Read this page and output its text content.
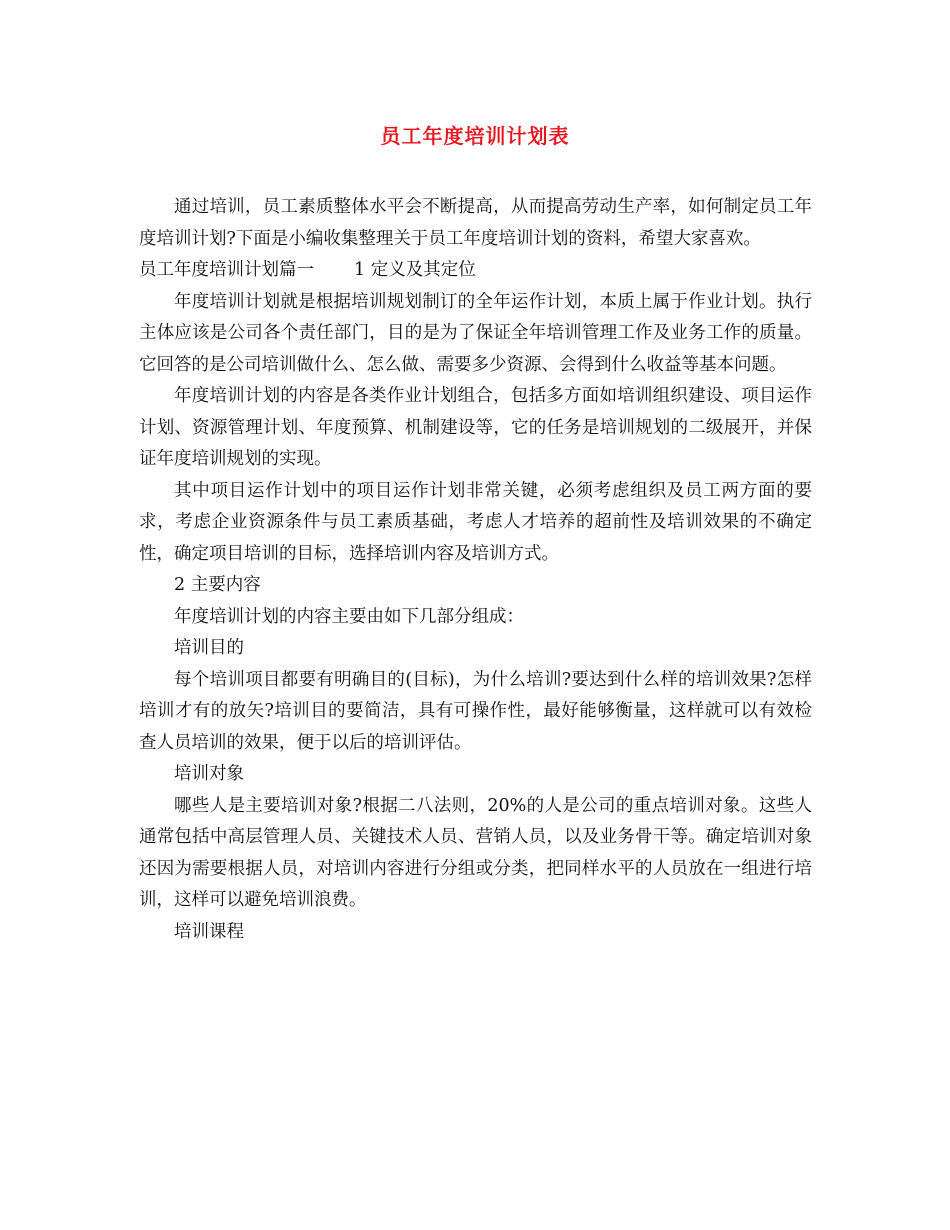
员工年度培训计划表

通过培训，员工素质整体水平会不断提高，从而提高劳动生产率，如何制定员工年度培训计划?下面是小编收集整理关于员工年度培训计划的资料，希望大家喜欢。

员工年度培训计划篇一 1 定义及其定位

年度培训计划就是根据培训规划制订的全年运作计划，本质上属于作业计划。执行主体应该是公司各个责任部门，目的是为了保证全年培训管理工作及业务工作的质量。它回答的是公司培训做什么、怎么做、需要多少资源、会得到什么收益等基本问题。

年度培训计划的内容是各类作业计划组合，包括多方面如培训组织建设、项目运作计划、资源管理计划、年度预算、机制建设等，它的任务是培训规划的二级展开，并保证年度培训规划的实现。

其中项目运作计划中的项目运作计划非常关键，必须考虑组织及员工两方面的要求，考虑企业资源条件与员工素质基础，考虑人才培养的超前性及培训效果的不确定性，确定项目培训的目标，选择培训内容及培训方式。

2 主要内容

年度培训计划的内容主要由如下几部分组成：

培训目的

每个培训项目都要有明确目的(目标)，为什么培训?要达到什么样的培训效果?怎样培训才有的放矢?培训目的要简洁，具有可操作性，最好能够衡量，这样就可以有效检查人员培训的效果，便于以后的培训评估。

培训对象

哪些人是主要培训对象?根据二八法则，20%的人是公司的重点培训对象。这些人通常包括中高层管理人员、关键技术人员、营销人员，以及业务骨干等。确定培训对象还因为需要根据人员，对培训内容进行分组或分类，把同样水平的人员放在一组进行培训，这样可以避免培训浪费。

培训课程
